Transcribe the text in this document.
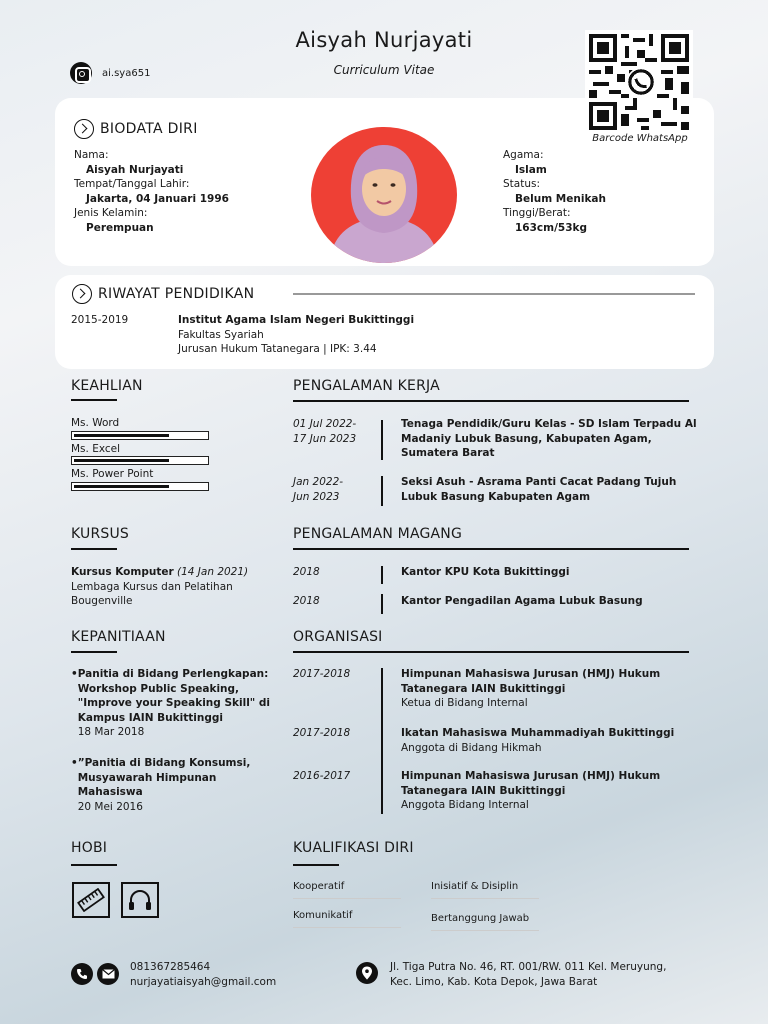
Aisyah Nurjayati
Curriculum Vitae
ai.sya651
BIODATA DIRI
Nama:
Aisyah Nurjayati
Tempat/Tanggal Lahir:
Jakarta, 04 Januari 1996
Jenis Kelamin:
Perempuan
Agama:
Islam
Status:
Belum Menikah
Tinggi/Berat:
163cm/53kg
Barcode WhatsApp
RIWAYAT PENDIDIKAN
2015-2019	Institut Agama Islam Negeri Bukittinggi
Fakultas Syariah
Jurusan Hukum Tatanegara | IPK: 3.44
KEAHLIAN
Ms. Word
Ms. Excel
Ms. Power Point
PENGALAMAN KERJA
01 Jul 2022-
17 Jun 2023
Tenaga Pendidik/Guru Kelas - SD Islam Terpadu Al Madaniy Lubuk Basung, Kabupaten Agam, Sumatera Barat
Jan 2022-
Jun 2023
Seksi Asuh - Asrama Panti Cacat Padang Tujuh Lubuk Basung Kabupaten Agam
KURSUS
Kursus Komputer (14 Jan 2021)
Lembaga Kursus dan Pelatihan Bougenville
PENGALAMAN MAGANG
2018	Kantor KPU Kota Bukittinggi
2018	Kantor Pengadilan Agama Lubuk Basung
KEPANITIAAN
• Panitia di Bidang Perlengkapan: Workshop Public Speaking, "Improve your Speaking Skill" di Kampus IAIN Bukittinggi
18 Mar 2018
• ”Panitia di Bidang Konsumsi, Musyawarah Himpunan Mahasiswa
20 Mei 2016
ORGANISASI
2017-2018	Himpunan Mahasiswa Jurusan (HMJ) Hukum Tatanegara IAIN Bukittinggi
Ketua di Bidang Internal
2017-2018	Ikatan Mahasiswa Muhammadiyah Bukittinggi
Anggota di Bidang Hikmah
2016-2017	Himpunan Mahasiswa Jurusan (HMJ) Hukum Tatanegara IAIN Bukittinggi
Anggota Bidang Internal
HOBI	KUALIFIKASI DIRI
Kooperatif	Inisiatif & Disiplin
Komunikatif	Bertanggung Jawab
081367285464
nurjayatiaisyah@gmail.com
Jl. Tiga Putra No. 46, RT. 001/RW. 011 Kel. Meruyung, Kec. Limo, Kab. Kota Depok, Jawa Barat
